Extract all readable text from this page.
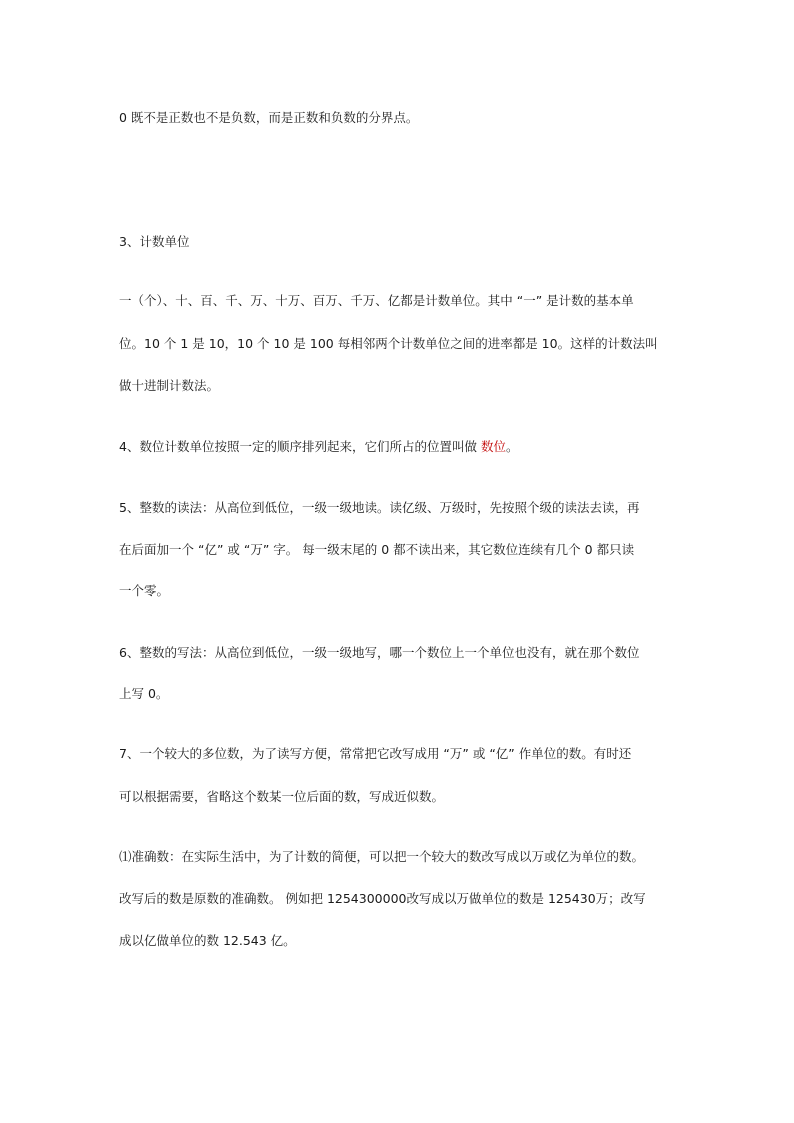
0 既不是正数也不是负数，而是正数和负数的分界点。
3、计数单位
一（个）、十、百、千、万、十万、百万、千万、亿都是计数单位。其中 “一” 是计数的基本单
位。10 个 1 是 10，10 个 10 是 100 每相邻两个计数单位之间的进率都是 10。这样的计数法叫
做十进制计数法。
4、数位计数单位按照一定的顺序排列起来，它们所占的位置叫做 数位。
5、整数的读法：从高位到低位，一级一级地读。读亿级、万级时，先按照个级的读法去读，再
在后面加一个 “亿” 或 “万” 字。 每一级末尾的 0 都不读出来，其它数位连续有几个 0 都只读
一个零。
6、整数的写法：从高位到低位，一级一级地写，哪一个数位上一个单位也没有，就在那个数位
上写 0。
7、一个较大的多位数，为了读写方便，常常把它改写成用 “万” 或 “亿” 作单位的数。有时还
可以根据需要，省略这个数某一位后面的数，写成近似数。
⑴准确数：在实际生活中，为了计数的简便，可以把一个较大的数改写成以万或亿为单位的数。
改写后的数是原数的准确数。 例如把 1254300000改写成以万做单位的数是 125430万；改写
成以亿做单位的数 12.543 亿。
